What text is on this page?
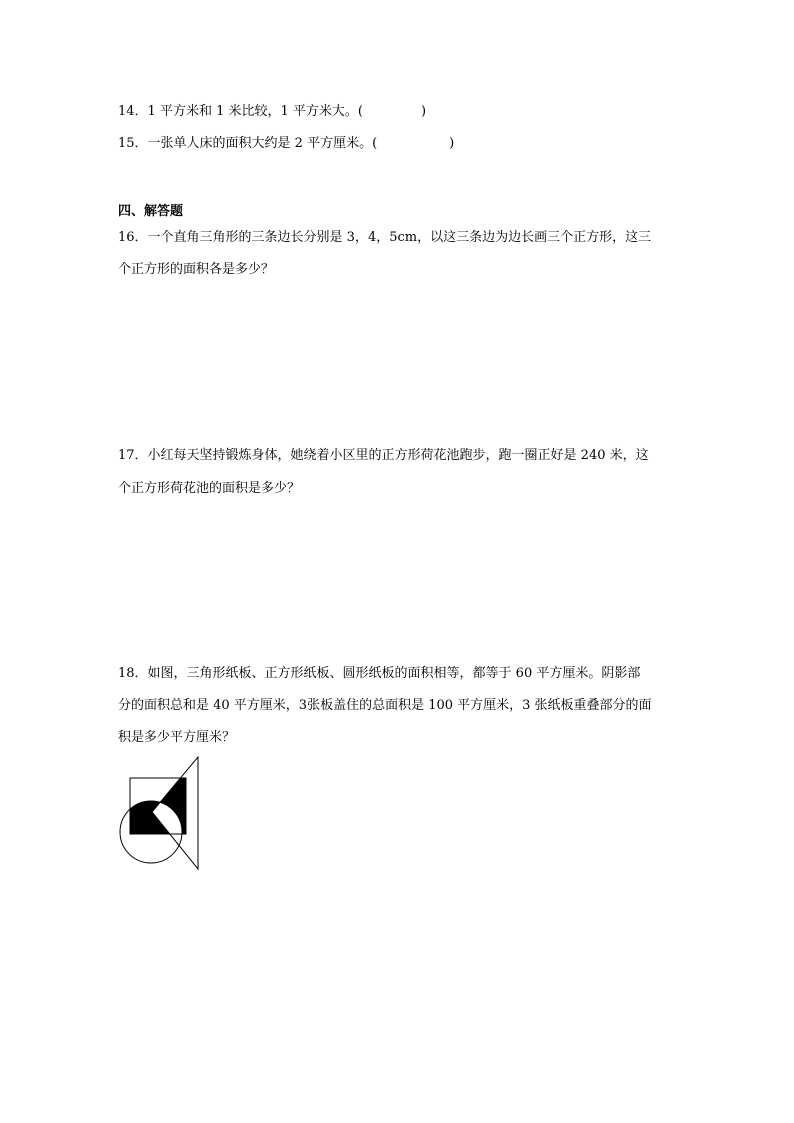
14．1 平方米和 1 米比较，1 平方米大。(	)
15．一张单人床的面积大约是 2 平方厘米。(	)
四、解答题
16．一个直角三角形的三条边长分别是 3，4，5cm，以这三条边为边长画三个正方形，这三
个正方形的面积各是多少？
17．小红每天坚持锻炼身体，她绕着小区里的正方形荷花池跑步，跑一圈正好是 240 米，这
个正方形荷花池的面积是多少？
18．如图，三角形纸板、正方形纸板、圆形纸板的面积相等，都等于 60 平方厘米。阴影部
分的面积总和是 40 平方厘米，3张板盖住的总面积是 100 平方厘米，3 张纸板重叠部分的面
积是多少平方厘米？
